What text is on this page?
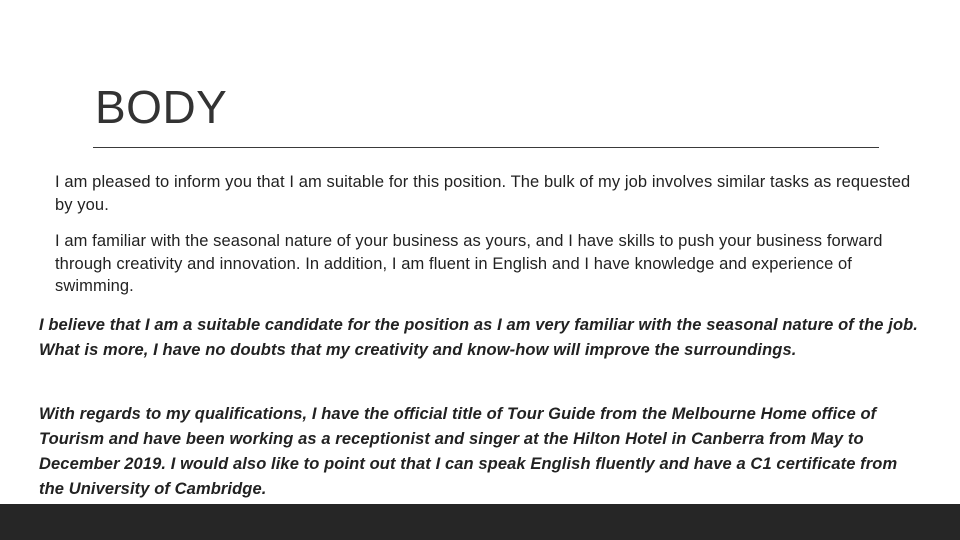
BODY

I am pleased to inform you that I am suitable for this position. The bulk of my job involves similar tasks as requested by you.

I am familiar with the seasonal nature of your business as yours, and I have skills to push your business forward through creativity and innovation. In addition, I am fluent in English and I have knowledge and experience of swimming.

I believe that I am a suitable candidate for the position as I am very familiar with the seasonal nature of the job. What is more, I have no doubts that my creativity and know-how will improve the surroundings.

With regards to my qualifications, I have the official title of Tour Guide from the Melbourne Home office of Tourism and have been working as a receptionist and singer at the Hilton Hotel in Canberra from May to December 2019. I would also like to point out that I can speak English fluently and have a C1 certificate from the University of Cambridge.
